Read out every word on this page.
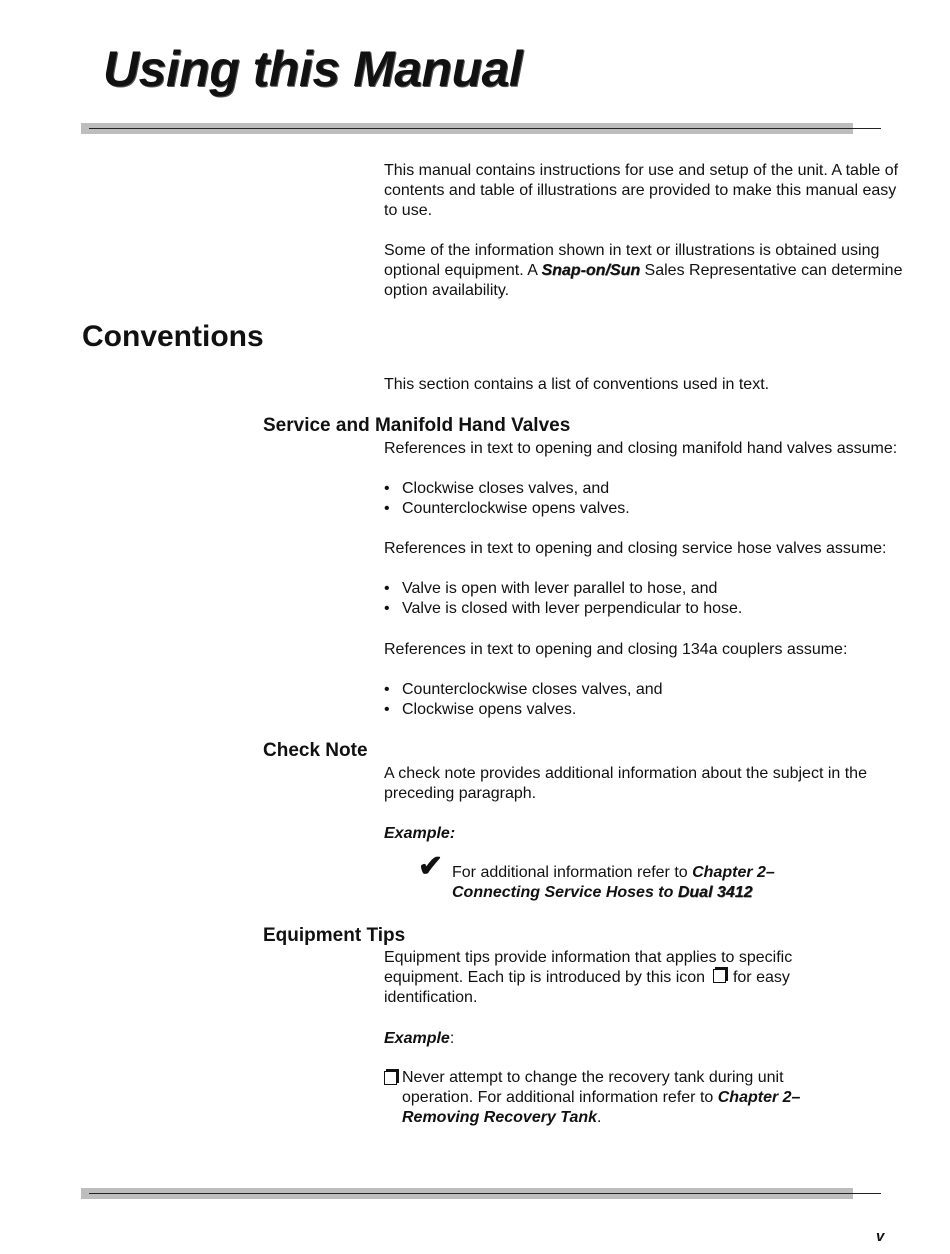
Using this Manual

This manual contains instructions for use and setup of the unit. A table of contents and table of illustrations are provided to make this manual easy to use.

Some of the information shown in text or illustrations is obtained using optional equipment. A Snap-on/Sun Sales Representative can determine option availability.

Conventions

This section contains a list of conventions used in text.

Service and Manifold Hand Valves

References in text to opening and closing manifold hand valves assume:

• Clockwise closes valves, and
• Counterclockwise opens valves.

References in text to opening and closing service hose valves assume:

• Valve is open with lever parallel to hose, and
• Valve is closed with lever perpendicular to hose.

References in text to opening and closing 134a couplers assume:

• Counterclockwise closes valves, and
• Clockwise opens valves.
Check Note

A check note provides additional information about the subject in the preceding paragraph.

Example:

✔ For additional information refer to Chapter 2–Connecting Service Hoses to Dual 3412

Equipment Tips

Equipment tips provide information that applies to specific equipment. Each tip is introduced by this icon  for easy identification.

Example:

Never attempt to change the recovery tank during unit operation. For additional information refer to Chapter 2–Removing Recovery Tank.

v
